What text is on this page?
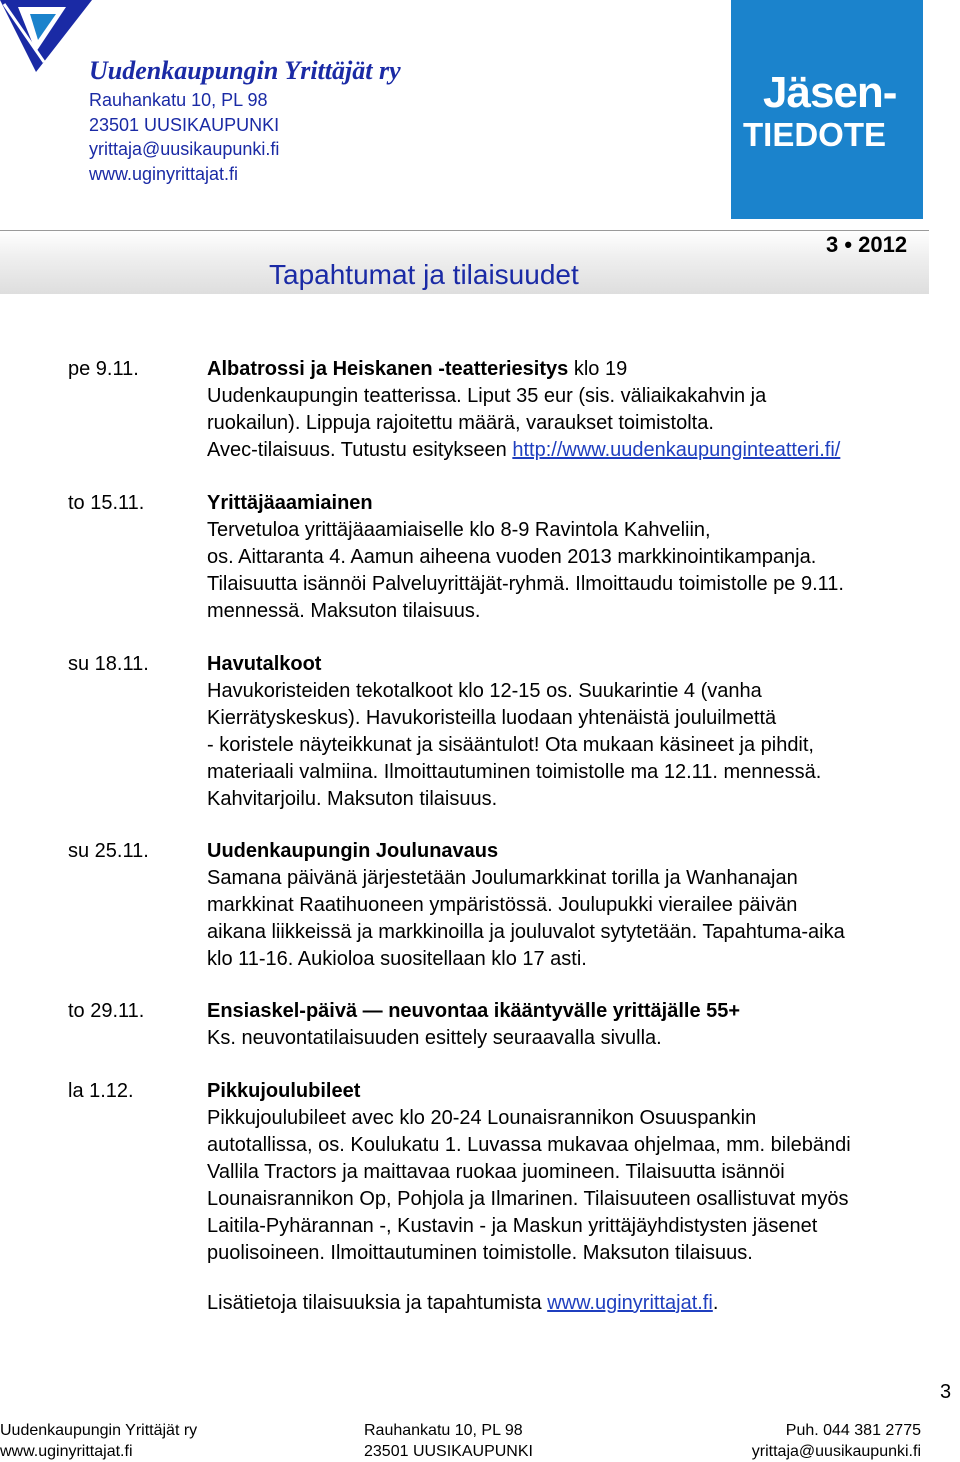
Uudenkaupungin Yrittäjät ry
Rauhankatu 10, PL 98
23501 UUSIKAUPUNKI
yrittaja@uusikaupunki.fi
www.uginyrittajat.fi
Jäsen-
TIEDOTE
3 • 2012
Tapahtumat ja tilaisuudet
pe 9.11.	Albatrossi ja Heiskanen -teatteriesitys klo 19
Uudenkaupungin teatterissa. Liput 35 eur (sis. väliaikakahvin ja
ruokailun). Lippuja rajoitettu määrä, varaukset toimistolta.
Avec-tilaisuus. Tutustu esitykseen http://www.uudenkaupunginteatteri.fi/
to 15.11.	Yrittäjäaamiainen
Tervetuloa yrittäjäaamiaiselle klo 8-9 Ravintola Kahveliin,
os. Aittaranta 4. Aamun aiheena vuoden 2013 markkinointikampanja.
Tilaisuutta isännöi Palveluyrittäjät-ryhmä. Ilmoittaudu toimistolle pe 9.11.
mennessä. Maksuton tilaisuus.
su 18.11.	Havutalkoot
Havukoristeiden tekotalkoot klo 12-15 os. Suukarintie 4 (vanha
Kierrätyskeskus). Havukoristeilla luodaan yhtenäistä jouluilmettä
- koristele näyteikkunat ja sisääntulot! Ota mukaan käsineet ja pihdit,
materiaali valmiina. Ilmoittautuminen toimistolle ma 12.11. mennessä.
Kahvitarjoilu. Maksuton tilaisuus.
su 25.11.	Uudenkaupungin Joulunavaus
Samana päivänä järjestetään Joulumarkkinat torilla ja Wanhanajan
markkinat Raatihuoneen ympäristössä. Joulupukki vierailee päivän
aikana liikkeissä ja markkinoilla ja jouluvalot sytytetään. Tapahtuma-aika
klo 11-16. Aukioloa suositellaan klo 17 asti.
to 29.11.	Ensiaskel-päivä — neuvontaa ikääntyvälle yrittäjälle 55+
Ks. neuvontatilaisuuden esittely seuraavalla sivulla.
la 1.12.	Pikkujoulubileet
Pikkujoulubileet avec klo 20-24 Lounaisrannikon Osuuspankin
autotallissa, os. Koulukatu 1. Luvassa mukavaa ohjelmaa, mm. bilebändi
Vallila Tractors ja maittavaa ruokaa juomineen. Tilaisuutta isännöi
Lounaisrannikon Op, Pohjola ja Ilmarinen. Tilaisuuteen osallistuvat myös
Laitila-Pyhärannan -, Kustavin - ja Maskun yrittäjäyhdistysten jäsenet
puolisoineen. Ilmoittautuminen toimistolle. Maksuton tilaisuus.
Lisätietoja tilaisuuksia ja tapahtumista www.uginyrittajat.fi.
3
Uudenkaupungin Yrittäjät ry
www.uginyrittajat.fi
Rauhankatu 10, PL 98
23501 UUSIKAUPUNKI
Puh. 044 381 2775
yrittaja@uusikaupunki.fi
